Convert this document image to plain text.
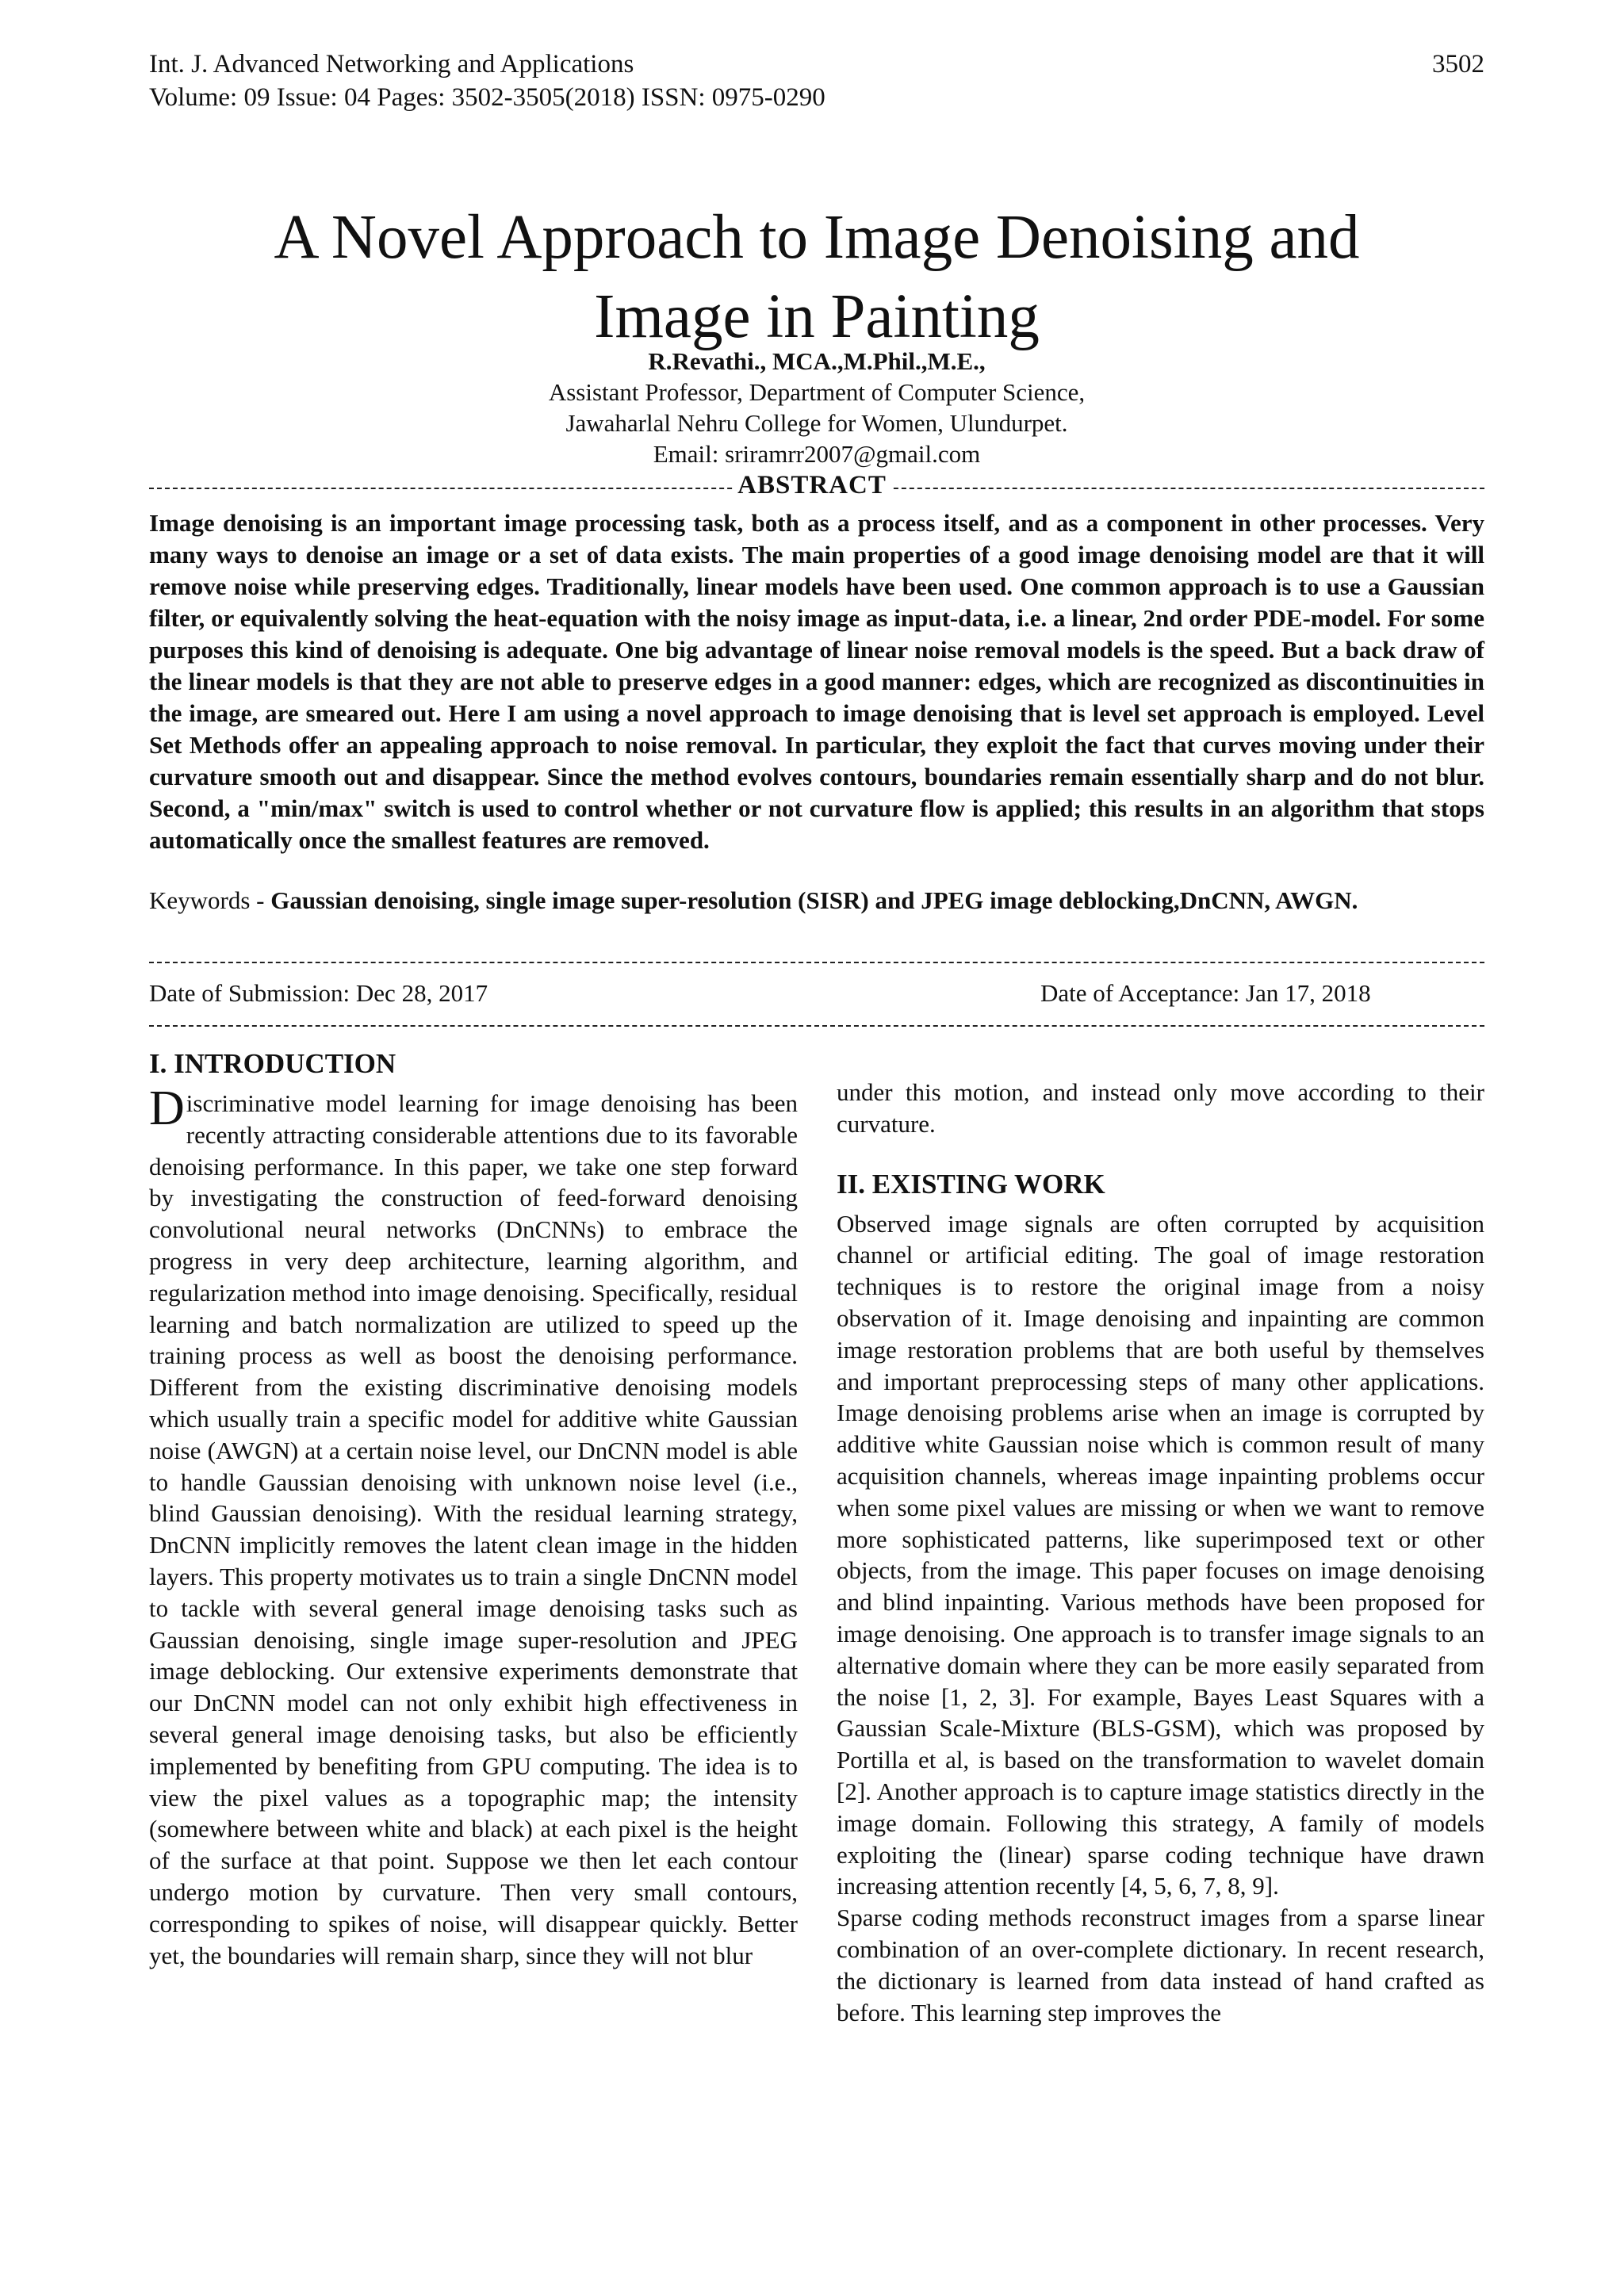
Int. J. Advanced Networking and Applications
Volume: 09 Issue: 04 Pages: 3502-3505(2018) ISSN: 0975-0290
3502
A Novel Approach to Image Denoising and
Image in Painting
R.Revathi., MCA.,M.Phil.,M.E.,
Assistant Professor, Department of Computer Science,
Jawaharlal Nehru College for Women, Ulundurpet.
Email: sriramrr2007@gmail.com
ABSTRACT

Image denoising is an important image processing task, both as a process itself, and as a component in other processes. Very many ways to denoise an image or a set of data exists. The main properties of a good image denoising model are that it will remove noise while preserving edges. Traditionally, linear models have been used. One common approach is to use a Gaussian filter, or equivalently solving the heat-equation with the noisy image as input-data, i.e. a linear, 2nd order PDE-model. For some purposes this kind of denoising is adequate. One big advantage of linear noise removal models is the speed. But a back draw of the linear models is that they are not able to preserve edges in a good manner: edges, which are recognized as discontinuities in the image, are smeared out. Here I am using a novel approach to image denoising that is level set approach is employed. Level Set Methods offer an appealing approach to noise removal. In particular, they exploit the fact that curves moving under their curvature smooth out and disappear. Since the method evolves contours, boundaries remain essentially sharp and do not blur. Second, a "min/max" switch is used to control whether or not curvature flow is applied; this results in an algorithm that stops automatically once the smallest features are removed.

Keywords - Gaussian denoising, single image super-resolution (SISR) and JPEG image deblocking,DnCNN, AWGN.

Date of Submission: Dec 28, 2017	Date of Acceptance: Jan 17, 2018
I. INTRODUCTION

Discriminative model learning for image denoising has been recently attracting considerable attentions due to its favorable denoising performance. In this paper, we take one step forward by investigating the construction of feed-forward denoising convolutional neural networks (DnCNNs) to embrace the progress in very deep architecture, learning algorithm, and regularization method into image denoising. Specifically, residual learning and batch normalization are utilized to speed up the training process as well as boost the denoising performance. Different from the existing discriminative denoising models which usually train a specific model for additive white Gaussian noise (AWGN) at a certain noise level, our DnCNN model is able to handle Gaussian denoising with unknown noise level (i.e., blind Gaussian denoising). With the residual learning strategy, DnCNN implicitly removes the latent clean image in the hidden layers. This property motivates us to train a single DnCNN model to tackle with several general image denoising tasks such as Gaussian denoising, single image super-resolution and JPEG image deblocking. Our extensive experiments demonstrate that our DnCNN model can not only exhibit high effectiveness in several general image denoising tasks, but also be efficiently implemented by benefiting from GPU computing. The idea is to view the pixel values as a topographic map; the intensity (somewhere between white and black) at each pixel is the height of the surface at that point. Suppose we then let each contour undergo motion by curvature. Then very small contours, corresponding to spikes of noise, will disappear quickly. Better yet, the boundaries will remain sharp, since they will not blur

under this motion, and instead only move according to their curvature.

II. EXISTING WORK

Observed image signals are often corrupted by acquisition channel or artificial editing. The goal of image restoration techniques is to restore the original image from a noisy observation of it. Image denoising and inpainting are common image restoration problems that are both useful by themselves and important preprocessing steps of many other applications. Image denoising problems arise when an image is corrupted by additive white Gaussian noise which is common result of many acquisition channels, whereas image inpainting problems occur when some pixel values are missing or when we want to remove more sophisticated patterns, like superimposed text or other objects, from the image. This paper focuses on image denoising and blind inpainting. Various methods have been proposed for image denoising. One approach is to transfer image signals to an alternative domain where they can be more easily separated from the noise [1, 2, 3]. For example, Bayes Least Squares with a Gaussian Scale-Mixture (BLS-GSM), which was proposed by Portilla et al, is based on the transformation to wavelet domain [2]. Another approach is to capture image statistics directly in the image domain. Following this strategy, A family of models exploiting the (linear) sparse coding technique have drawn increasing attention recently [4, 5, 6, 7, 8, 9].

Sparse coding methods reconstruct images from a sparse linear combination of an over-complete dictionary. In recent research, the dictionary is learned from data instead of hand crafted as before. This learning step improves the
